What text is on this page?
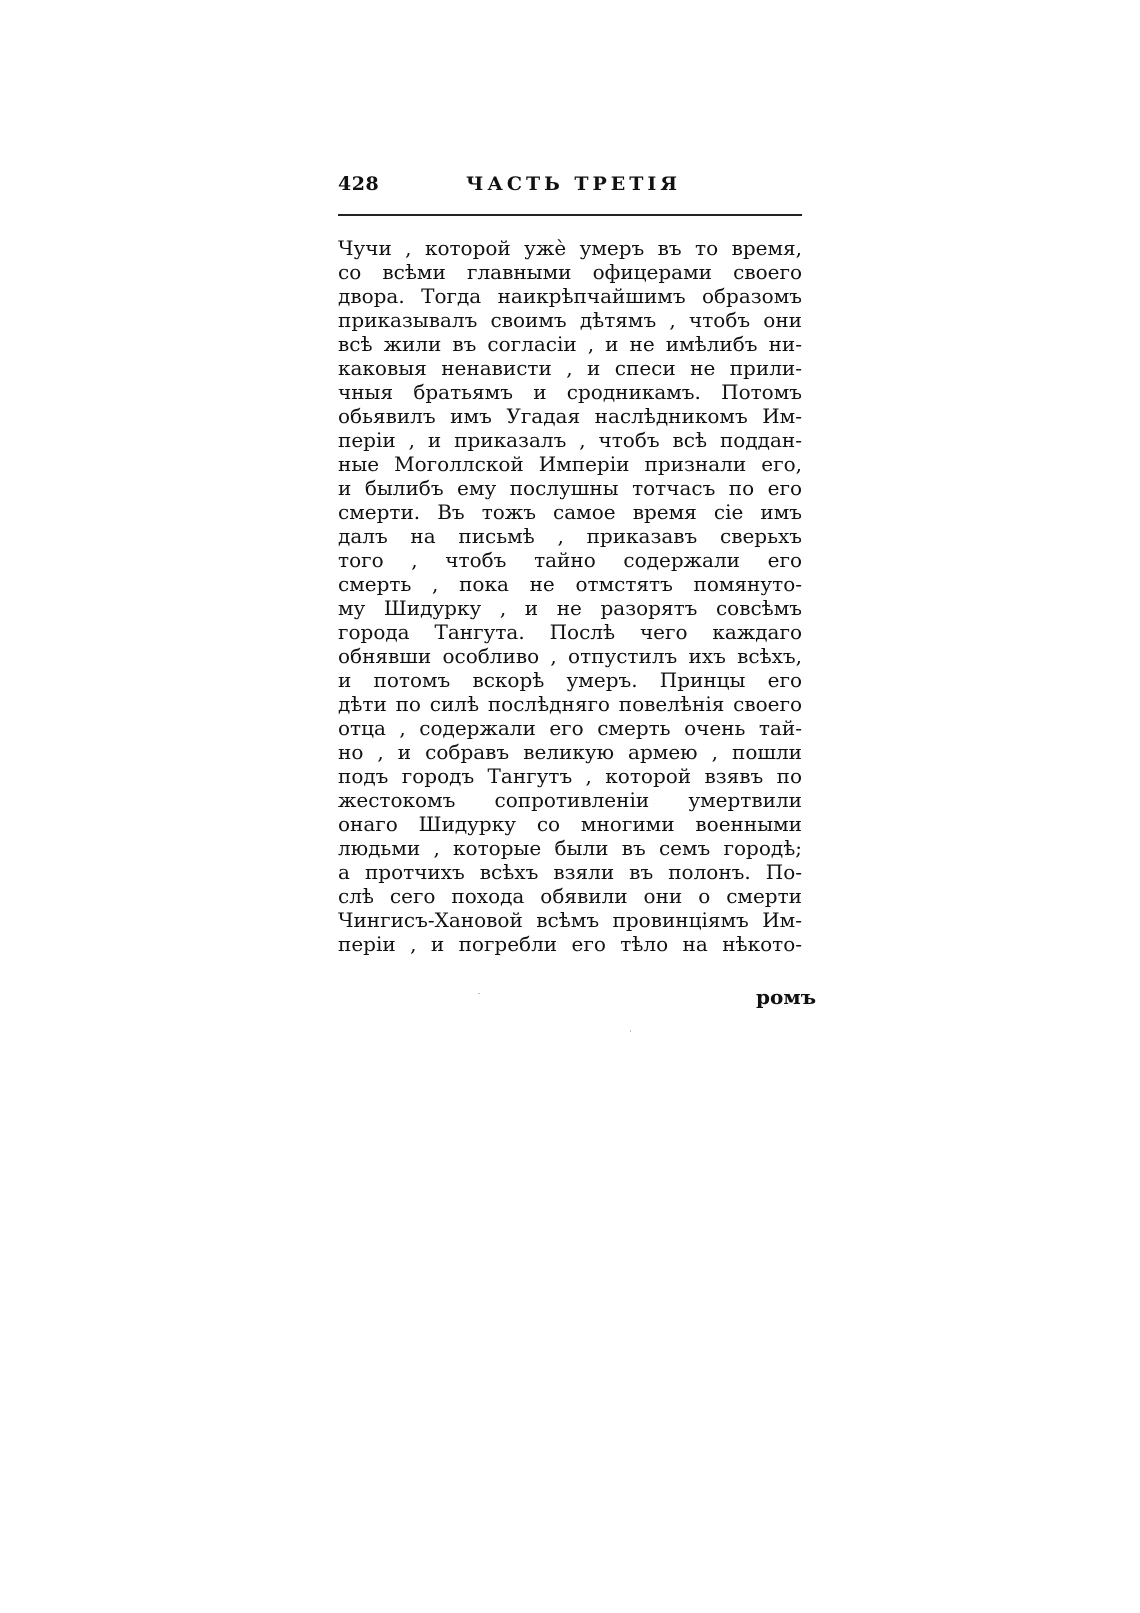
428	ЧАСТЬ ТРЕТІЯ
Чучи , которой ужѐ умеръ въ то время,
со всѣми главными офицерами своего
двора. Тогда наикрѣпчайшимъ образомъ
приказывалъ своимъ дѣтямъ , чтобъ они
всѣ жили въ согласіи , и не имѣлибъ ни-
каковыя ненависти , и спеси не прили-
чныя братьямъ и сродникамъ. Потомъ
обьявилъ имъ Угадая наслѣдникомъ Им-
періи , и приказалъ , чтобъ всѣ поддан-
ные Моголлской Имперіи признали его,
и былибъ ему послушны тотчасъ по его
смерти. Въ тожъ самое время сіе имъ
далъ на письмѣ , приказавъ сверьхъ
того , чтобъ тайно содержали его
смерть , пока не отмстятъ помянуто-
му Шидурку , и не разорятъ совсѣмъ
города Тангута. Послѣ чего каждаго
обнявши особливо , отпустилъ ихъ всѣхъ,
и потомъ вскорѣ умеръ. Принцы его
дѣти по силѣ послѣдняго повелѣнія своего
отца , содержали его смерть очень тай-
но , и собравъ великую армею , пошли
подъ городъ Тангутъ , которой взявъ по
жестокомъ сопротивленіи умертвили
онаго Шидурку со многими военными
людьми , которые были въ семъ городѣ;
а протчихъ всѣхъ взяли въ полонъ. По-
слѣ сего похода обявили они о смерти
Чингисъ-Хановой всѣмъ провинціямъ Им-
періи , и погребли его тѣло на нѣкото-
ромъ
